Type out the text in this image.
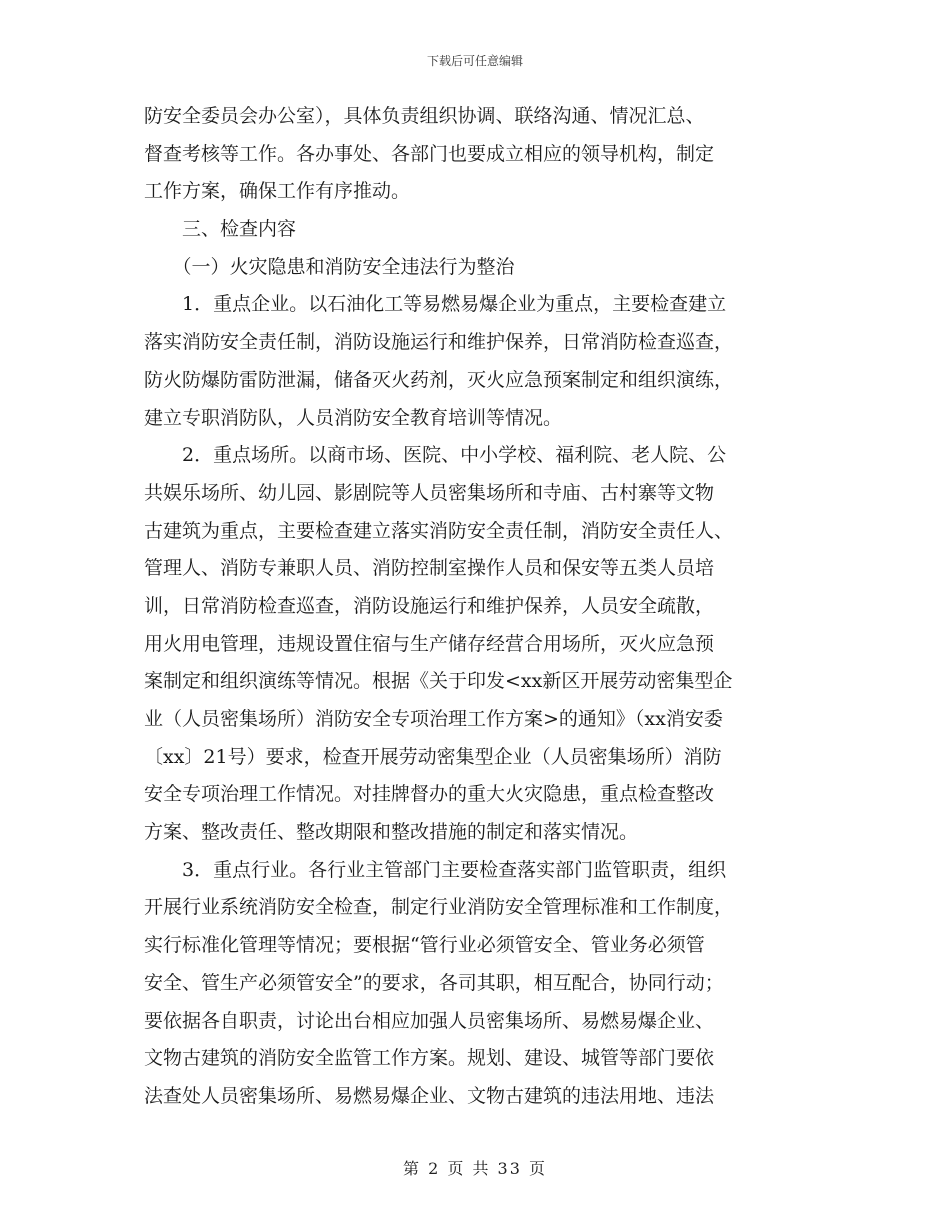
下载后可任意编辑
防安全委员会办公室），具体负责组织协调、联络沟通、情况汇总、
督查考核等工作。各办事处、各部门也要成立相应的领导机构，制定
工作方案，确保工作有序推动。
　　三、检查内容
　　（一）火灾隐患和消防安全违法行为整治
　　1．重点企业。以石油化工等易燃易爆企业为重点，主要检查建立
落实消防安全责任制，消防设施运行和维护保养，日常消防检查巡查，
防火防爆防雷防泄漏，储备灭火药剂，灭火应急预案制定和组织演练，
建立专职消防队，人员消防安全教育培训等情况。
　　2．重点场所。以商市场、医院、中小学校、福利院、老人院、公
共娱乐场所、幼儿园、影剧院等人员密集场所和寺庙、古村寨等文物
古建筑为重点，主要检查建立落实消防安全责任制，消防安全责任人、
管理人、消防专兼职人员、消防控制室操作人员和保安等五类人员培
训，日常消防检查巡查，消防设施运行和维护保养，人员安全疏散，
用火用电管理，违规设置住宿与生产储存经营合用场所，灭火应急预
案制定和组织演练等情况。根据《关于印发<xx新区开展劳动密集型企
业（人员密集场所）消防安全专项治理工作方案>的通知》（xx消安委
〔xx〕21号）要求，检查开展劳动密集型企业（人员密集场所）消防
安全专项治理工作情况。对挂牌督办的重大火灾隐患，重点检查整改
方案、整改责任、整改期限和整改措施的制定和落实情况。
　　3．重点行业。各行业主管部门主要检查落实部门监管职责，组织
开展行业系统消防安全检查，制定行业消防安全管理标准和工作制度，
实行标准化管理等情况；要根据“管行业必须管安全、管业务必须管
安全、管生产必须管安全”的要求，各司其职，相互配合，协同行动；
要依据各自职责，讨论出台相应加强人员密集场所、易燃易爆企业、
文物古建筑的消防安全监管工作方案。规划、建设、城管等部门要依
法查处人员密集场所、易燃易爆企业、文物古建筑的违法用地、违法
第 2 页 共 33 页
